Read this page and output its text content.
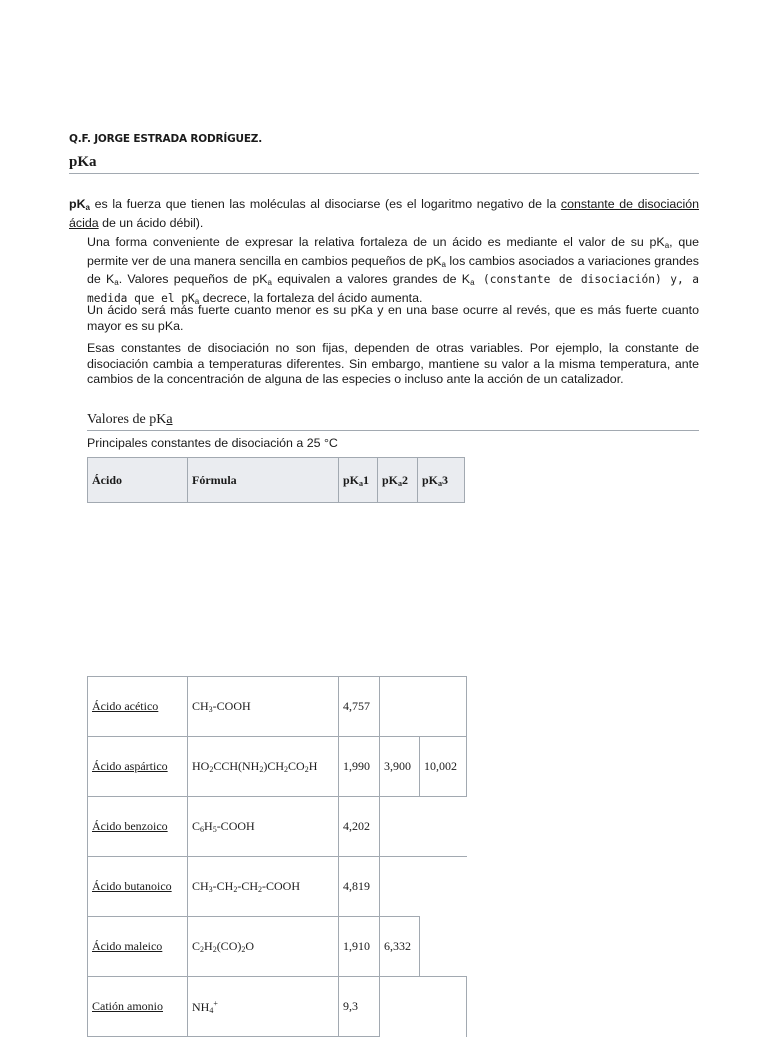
Q.F. JORGE ESTRADA RODRÍGUEZ.
pKa
$pK_a$ es la fuerza que tienen las moléculas al disociarse (es el logaritmo negativo de la constante de disociación ácida de un ácido débil).
Una forma conveniente de expresar la relativa fortaleza de un ácido es mediante el valor de su $pK_a$, que permite ver de una manera sencilla en cambios pequeños de $pK_a$ los cambios asociados a variaciones grandes de $K_a$. Valores pequeños de $pK_a$ equivalen a valores grandes de $K_a$ (constante de disociación) y, a medida que el $pK_a$ decrece, la fortaleza del ácido aumenta.
Un ácido será más fuerte cuanto menor es su pKa y en una base ocurre al revés, que es más fuerte cuanto mayor es su pKa.
Esas constantes de disociación no son fijas, dependen de otras variables. Por ejemplo, la constante de disociación cambia a temperaturas diferentes. Sin embargo, mantiene su valor a la misma temperatura, ante cambios de la concentración de alguna de las especies o incluso ante la acción de un catalizador.
Valores de pKa
Principales constantes de disociación a 25 °C
Ácido	Fórmula	pKa1	pKa2	pKa3
Ácido acético	CH3-COOH	4,757		
Ácido aspártico	HO2CCH(NH2)CH2CO2H	1,990	3,900	10,002
Ácido benzoico	C6H5-COOH	4,202		
Ácido butanoico	CH3-CH2-CH2-COOH	4,819		
Ácido maleico	C2H2(CO)2O	1,910	6,332	
Catión amonio	NH4+	9,3		
